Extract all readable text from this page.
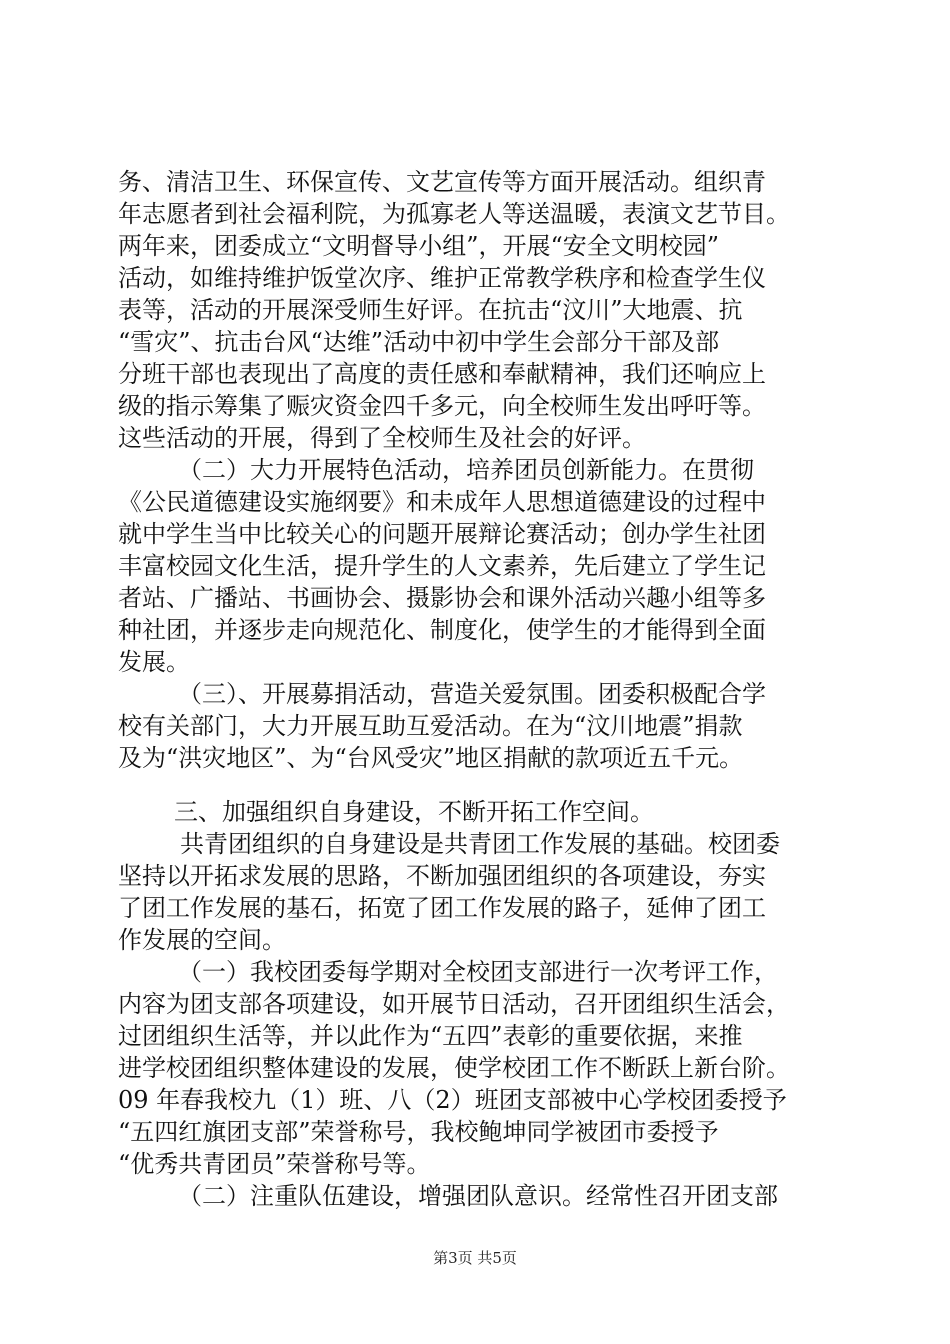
务、清洁卫生、环保宣传、文艺宣传等方面开展活动。组织青
年志愿者到社会福利院，为孤寡老人等送温暖，表演文艺节目。
两年来，团委成立“文明督导小组”，开展“安全文明校园”
活动，如维持维护饭堂次序、维护正常教学秩序和检查学生仪
表等，活动的开展深受师生好评。在抗击“汶川”大地震、抗
“雪灾”、抗击台风“达维”活动中初中学生会部分干部及部
分班干部也表现出了高度的责任感和奉献精神，我们还响应上
级的指示筹集了赈灾资金四千多元，向全校师生发出呼吁等。
这些活动的开展，得到了全校师生及社会的好评。
（二）大力开展特色活动，培养团员创新能力。在贯彻
《公民道德建设实施纲要》和未成年人思想道德建设的过程中
就中学生当中比较关心的问题开展辩论赛活动；创办学生社团
丰富校园文化生活，提升学生的人文素养，先后建立了学生记
者站、广播站、书画协会、摄影协会和课外活动兴趣小组等多
种社团，并逐步走向规范化、制度化，使学生的才能得到全面
发展。
（三）、开展募捐活动，营造关爱氛围。团委积极配合学
校有关部门，大力开展互助互爱活动。在为“汶川地震”捐款
及为“洪灾地区”、为“台风受灾”地区捐献的款项近五千元。
三、加强组织自身建设，不断开拓工作空间。
共青团组织的自身建设是共青团工作发展的基础。校团委
坚持以开拓求发展的思路，不断加强团组织的各项建设，夯实
了团工作发展的基石，拓宽了团工作发展的路子，延伸了团工
作发展的空间。
（一）我校团委每学期对全校团支部进行一次考评工作，
内容为团支部各项建设，如开展节日活动，召开团组织生活会，
过团组织生活等，并以此作为“五四”表彰的重要依据，来推
进学校团组织整体建设的发展，使学校团工作不断跃上新台阶。
09 年春我校九（1）班、八（2）班团支部被中心学校团委授予
“五四红旗团支部”荣誉称号，我校鲍坤同学被团市委授予
“优秀共青团员”荣誉称号等。
（二）注重队伍建设，增强团队意识。经常性召开团支部
第3页 共5页
